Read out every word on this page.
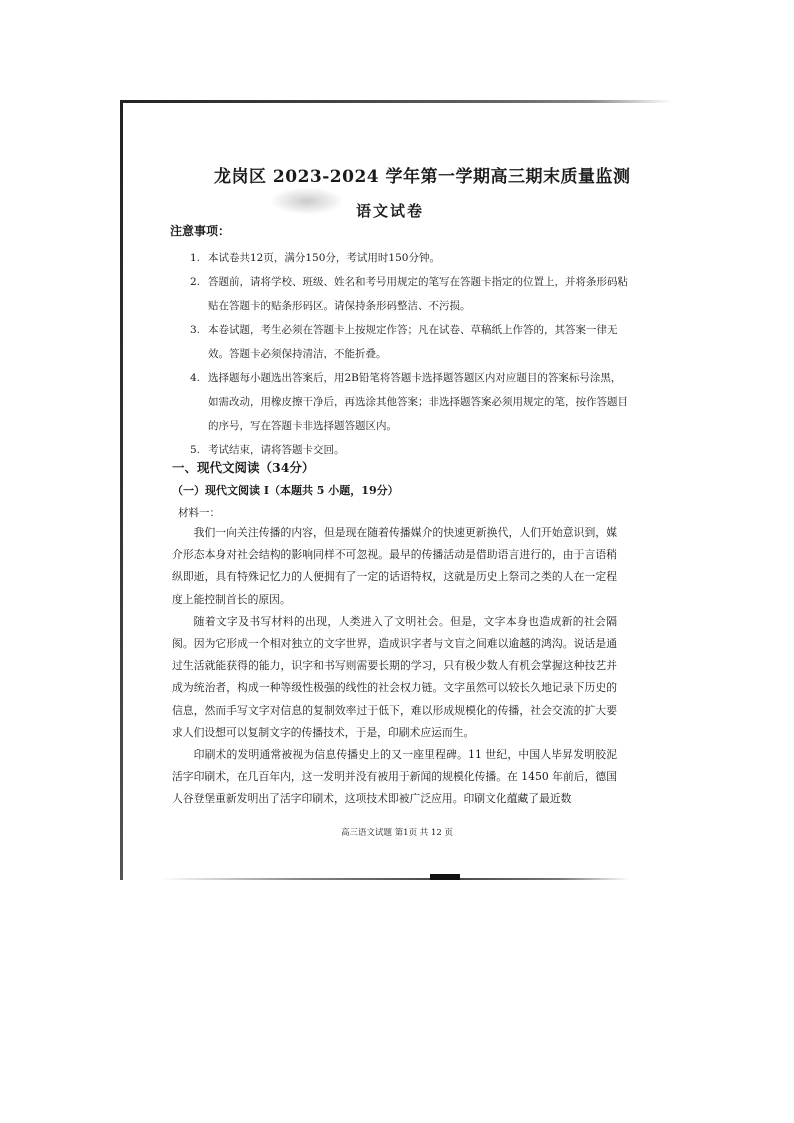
龙岗区 2023-2024 学年第一学期高三期末质量监测
语文试卷
注意事项：
1. 本试卷共12页，满分150分，考试用时150分钟。
2. 答题前，请将学校、班级、姓名和考号用规定的笔写在答题卡指定的位置上，并将条形码粘贴在答题卡的贴条形码区。请保持条形码整洁、不污损。
3. 本卷试题，考生必须在答题卡上按规定作答；凡在试卷、草稿纸上作答的，其答案一律无效。答题卡必须保持清洁，不能折叠。
4. 选择题每小题选出答案后，用2B铅笔将答题卡选择题答题区内对应题目的答案标号涂黑，如需改动，用橡皮擦干净后，再选涂其他答案；非选择题答案必须用规定的笔，按作答题目的序号，写在答题卡非选择题答题区内。
5. 考试结束，请将答题卡交回。
一、现代文阅读（34分）
（一）现代文阅读 I（本题共 5 小题，19分）
材料一：

我们一向关注传播的内容，但是现在随着传播媒介的快速更新换代，人们开始意识到，媒介形态本身对社会结构的影响同样不可忽视。最早的传播活动是借助语言进行的，由于言语稍纵即逝，具有特殊记忆力的人便拥有了一定的话语特权，这就是历史上祭司之类的人在一定程度上能控制首长的原因。

随着文字及书写材料的出现，人类进入了文明社会。但是，文字本身也造成新的社会隔阂。因为它形成一个相对独立的文字世界，造成识字者与文盲之间难以逾越的鸿沟。说话是通过生活就能获得的能力，识字和书写则需要长期的学习，只有极少数人有机会掌握这种技艺并成为统治者，构成一种等级性极强的线性的社会权力链。文字虽然可以较长久地记录下历史的信息，然而手写文字对信息的复制效率过于低下，难以形成规模化的传播，社会交流的扩大要求人们设想可以复制文字的传播技术，于是，印刷术应运而生。

印刷术的发明通常被视为信息传播史上的又一座里程碑。11 世纪，中国人毕昇发明胶泥活字印刷术，在几百年内，这一发明并没有被用于新闻的规模化传播。在 1450 年前后，德国人谷登堡重新发明出了活字印刷术，这项技术即被广泛应用。印刷文化蕴藏了最近数

高三语文试题 第1页 共 12 页
